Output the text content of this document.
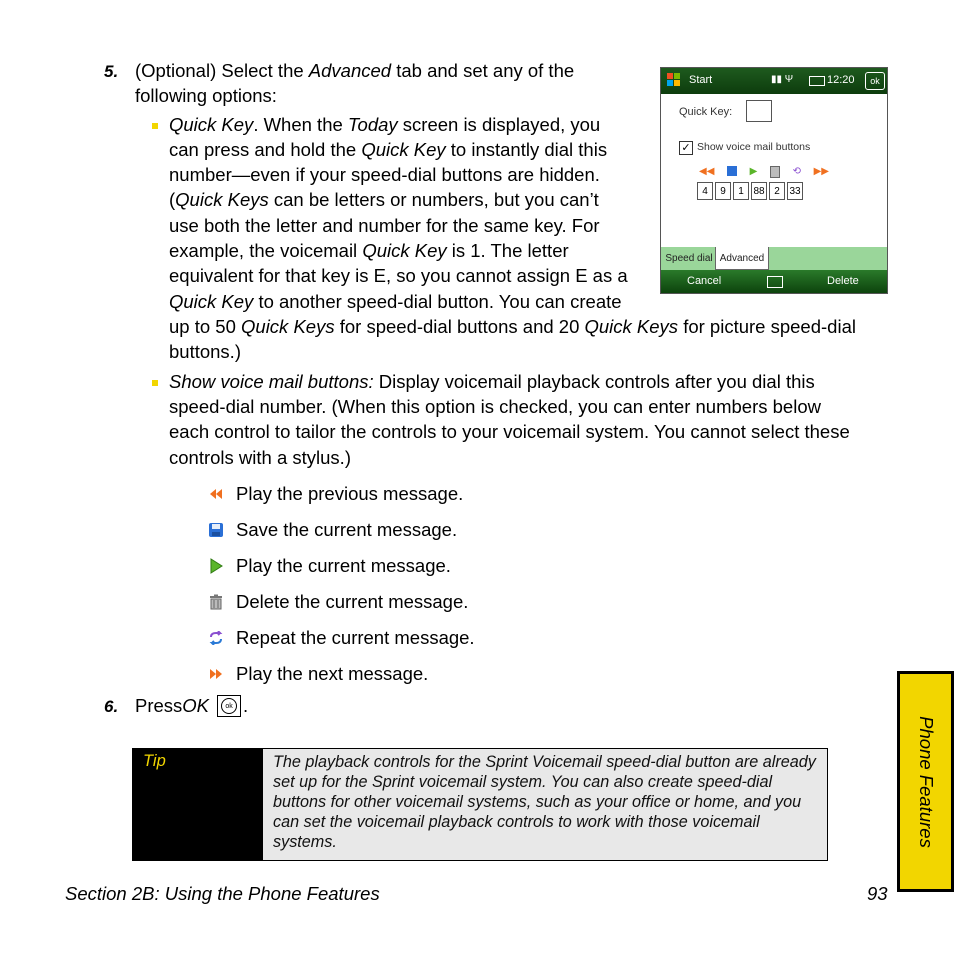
5. (Optional) Select the Advanced tab and set any of the
following options:
Quick Key. When the Today screen is displayed, you
can press and hold the Quick Key to instantly dial this
number—even if your speed-dial buttons are hidden.
(Quick Keys can be letters or numbers, but you can’t
use both the letter and number for the same key. For
example, the voicemail Quick Key is 1. The letter
equivalent for that key is E, so you cannot assign E as a
Quick Key to another speed-dial button. You can create
up to 50 Quick Keys for speed-dial buttons and 20 Quick Keys for picture speed-dial
buttons.)
Show voice mail buttons: Display voicemail playback controls after you dial this
speed-dial number. (When this option is checked, you can enter numbers below
each control to tailor the controls to your voicemail system. You cannot select these
controls with a stylus.)
Play the previous message.
Save the current message.
Play the current message.
Delete the current message.
Repeat the current message.
Play the next message.
6. Press OK	ok .
Start	▮▮ Ψ	12:20	ok
Quick Key:
✓ Show voice mail buttons
◀◀	▶	⟲ ▶▶
4	9	1 88 2 33
Speed dial Advanced
Cancel	Delete
Tip	The playback controls for the Sprint Voicemail speed-dial button are already
set up for the Sprint voicemail system. You can also create speed-dial
buttons for other voicemail systems, such as your office or home, and you
can set the voicemail playback controls to work with those voicemail
systems.	Phone Features
Section 2B: Using the Phone Features	93
